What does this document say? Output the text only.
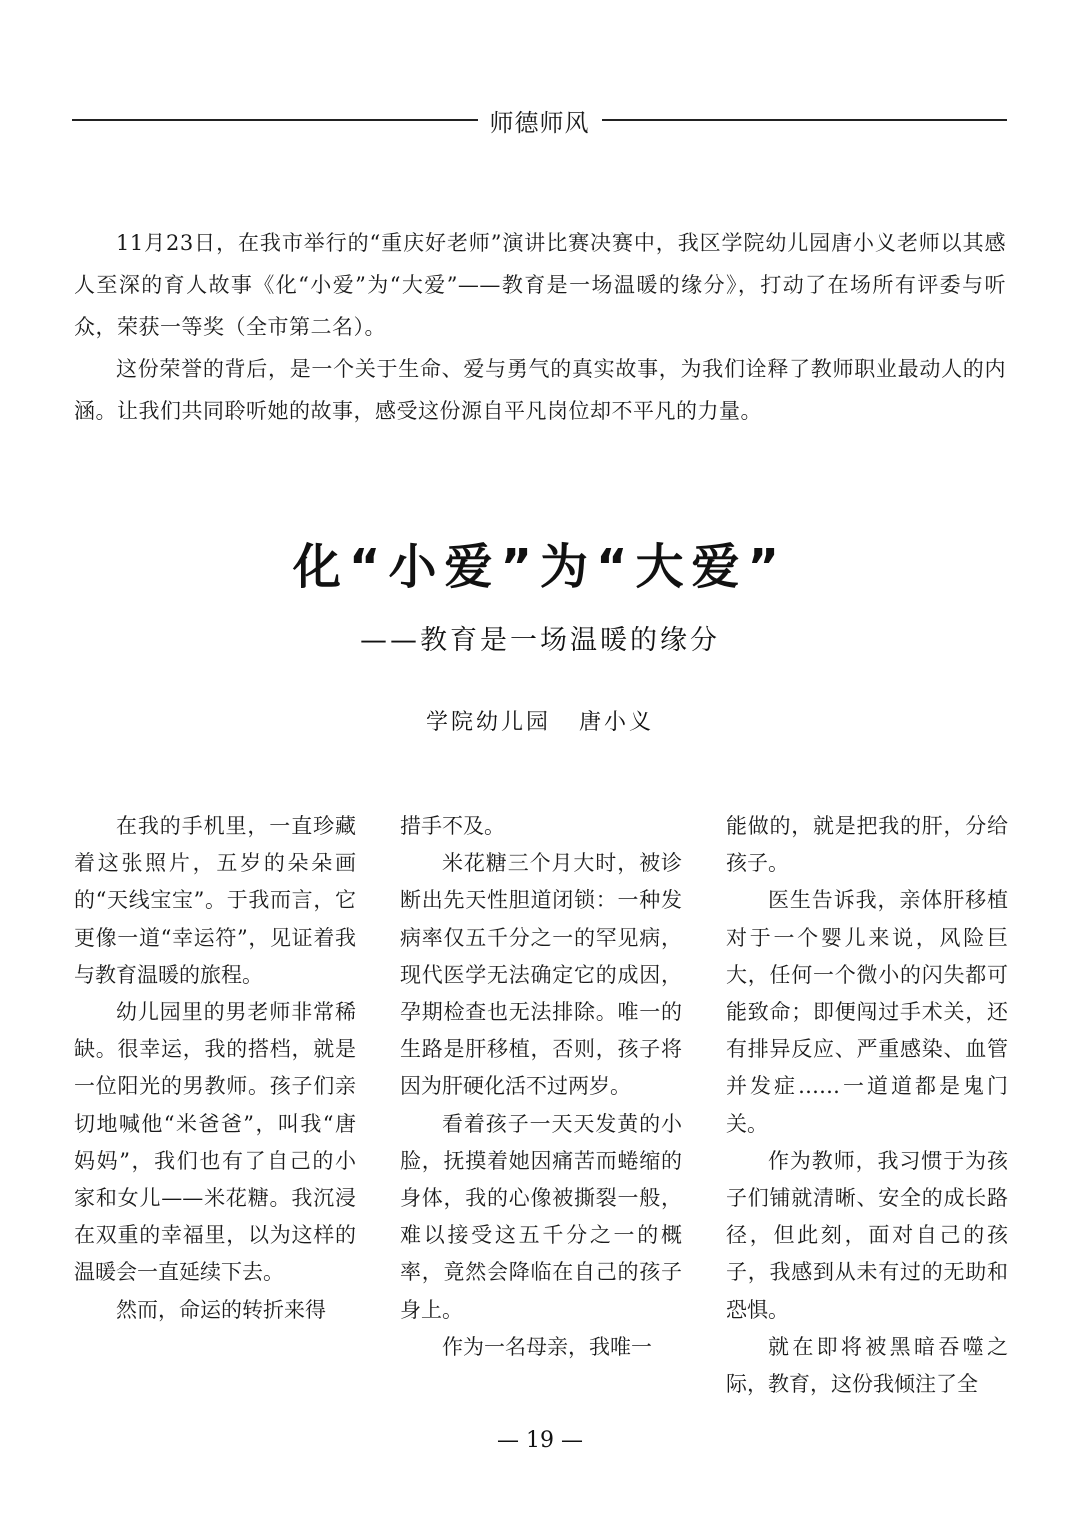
师德师风

11月23日，在我市举行的“重庆好老师”演讲比赛决赛中，我区学院幼儿园唐小义老师以其感人至深的育人故事《化“小爱”为“大爱”——教育是一场温暖的缘分》，打动了在场所有评委与听众，荣获一等奖（全市第二名）。

这份荣誉的背后，是一个关于生命、爱与勇气的真实故事，为我们诠释了教师职业最动人的内涵。让我们共同聆听她的故事，感受这份源自平凡岗位却不平凡的力量。

化“小爱”为“大爱”
——教育是一场温暖的缘分
学院幼儿园 唐小义

在我的手机里，一直珍藏着这张照片，五岁的朵朵画的“天线宝宝”。于我而言，它更像一道“幸运符”，见证着我与教育温暖的旅程。

幼儿园里的男老师非常稀缺。很幸运，我的搭档，就是一位阳光的男教师。孩子们亲切地喊他“米爸爸”，叫我“唐妈妈”，我们也有了自己的小家和女儿——米花糖。我沉浸在双重的幸福里，以为这样的温暖会一直延续下去。

然而，命运的转折来得

措手不及。

米花糖三个月大时，被诊断出先天性胆道闭锁：一种发病率仅五千分之一的罕见病，现代医学无法确定它的成因，孕期检查也无法排除。唯一的生路是肝移植，否则，孩子将因为肝硬化活不过两岁。

看着孩子一天天发黄的小脸，抚摸着她因痛苦而蜷缩的身体，我的心像被撕裂一般，难以接受这五千分之一的概率，竟然会降临在自己的孩子身上。

作为一名母亲，我唯一

能做的，就是把我的肝，分给孩子。

医生告诉我，亲体肝移植对于一个婴儿来说，风险巨大，任何一个微小的闪失都可能致命；即便闯过手术关，还有排异反应、严重感染、血管并发症……一道道都是鬼门关。

作为教师，我习惯于为孩子们铺就清晰、安全的成长路径，但此刻，面对自己的孩子，我感到从未有过的无助和恐惧。

就在即将被黑暗吞噬之际，教育，这份我倾注了全

— 19 —
